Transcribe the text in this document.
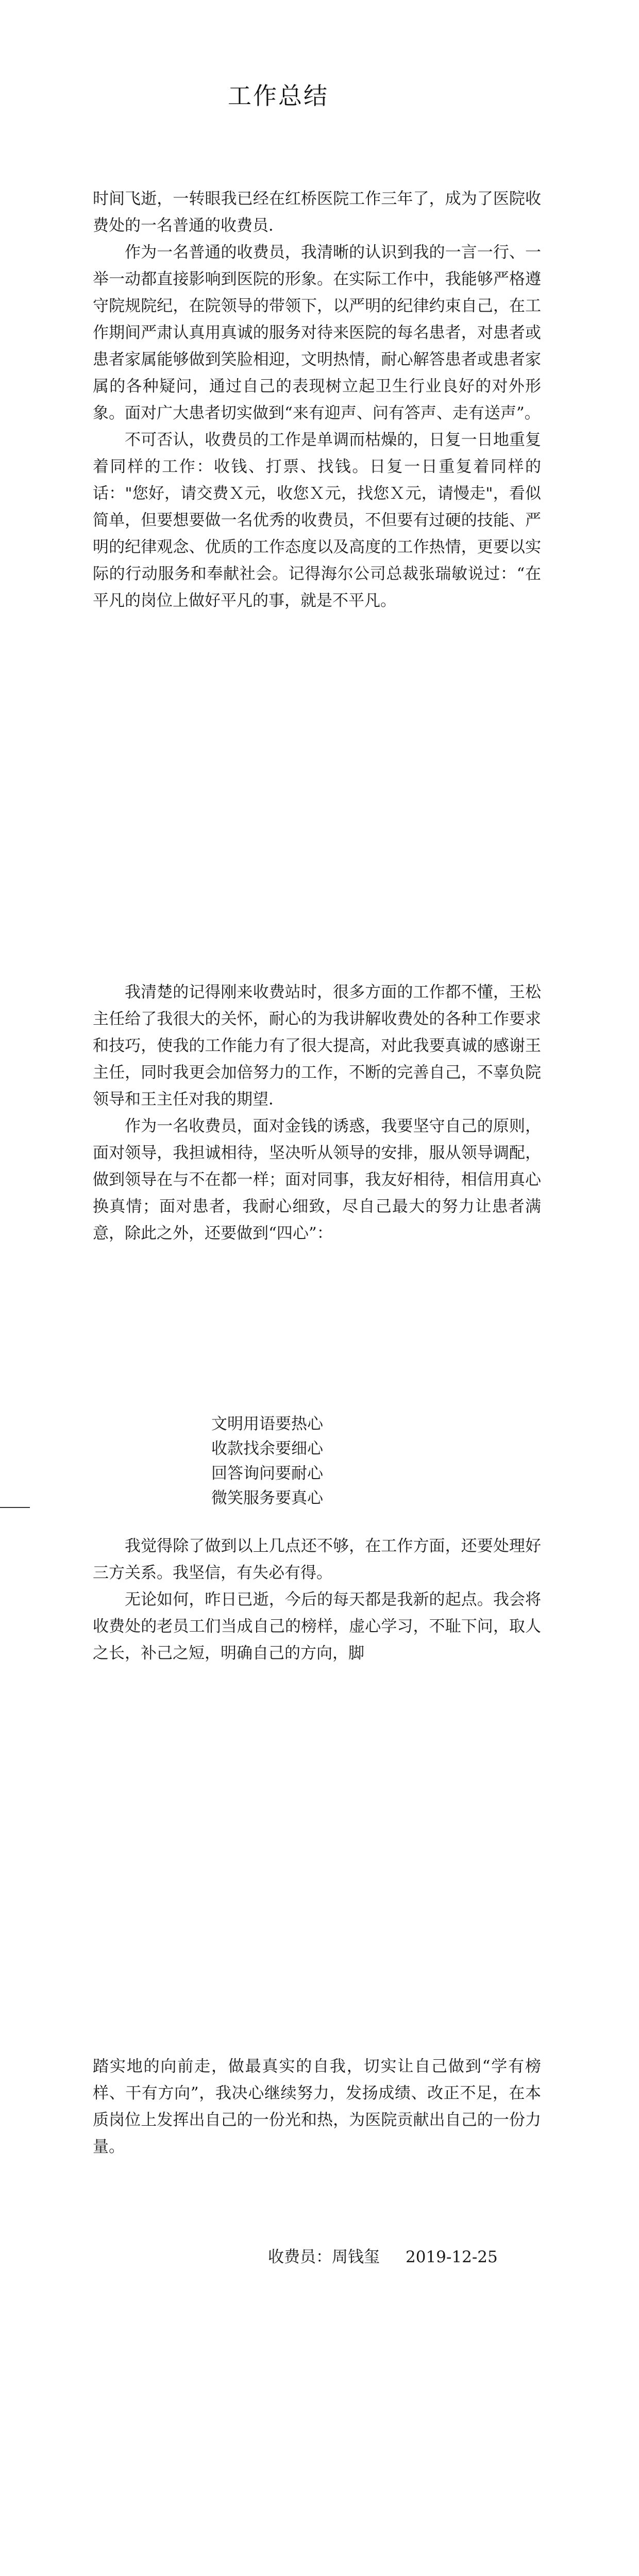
工作总结

时间飞逝，一转眼我已经在红桥医院工作三年了，成为了医院收费处的一名普通的收费员．

作为一名普通的收费员，我清晰的认识到我的一言一行、一举一动都直接影响到医院的形象。在实际工作中，我能够严格遵守院规院纪，在院领导的带领下，以严明的纪律约束自己，在工作期间严肃认真用真诚的服务对待来医院的每名患者，对患者或患者家属能够做到笑脸相迎，文明热情，耐心解答患者或患者家属的各种疑问，通过自己的表现树立起卫生行业良好的对外形象。面对广大患者切实做到“来有迎声、问有答声、走有送声”。

不可否认，收费员的工作是单调而枯燥的，日复一日地重复着同样的工作：收钱、打票、找钱。日复一日重复着同样的话："您好，请交费Ｘ元，收您Ｘ元，找您Ｘ元，请慢走"，看似简单，但要想要做一名优秀的收费员，不但要有过硬的技能、严明的纪律观念、优质的工作态度以及高度的工作热情，更要以实际的行动服务和奉献社会。记得海尔公司总裁张瑞敏说过：“在平凡的岗位上做好平凡的事，就是不平凡。

我清楚的记得刚来收费站时，很多方面的工作都不懂，王松主任给了我很大的关怀，耐心的为我讲解收费处的各种工作要求和技巧，使我的工作能力有了很大提高，对此我要真诚的感谢王主任，同时我更会加倍努力的工作，不断的完善自己，不辜负院领导和王主任对我的期望．

作为一名收费员，面对金钱的诱惑，我要坚守自己的原则，面对领导，我担诚相待，坚决听从领导的安排，服从领导调配，做到领导在与不在都一样；面对同事，我友好相待，相信用真心换真情；面对患者，我耐心细致，尽自己最大的努力让患者满意，除此之外，还要做到“四心”：

文明用语要热心
收款找余要细心
回答询问要耐心
微笑服务要真心

我觉得除了做到以上几点还不够，在工作方面，还要处理好三方关系。我坚信，有失必有得。

无论如何，昨日已逝，今后的每天都是我新的起点。我会将收费处的老员工们当成自己的榜样，虚心学习，不耻下问，取人之长，补己之短，明确自己的方向，脚

踏实地的向前走，做最真实的自我，切实让自己做到“学有榜样、干有方向”，我决心继续努力，发扬成绩、改正不足，在本质岗位上发挥出自己的一份光和热，为医院贡献出自己的一份力量。

收费员：周钱玺 2019-12-25
